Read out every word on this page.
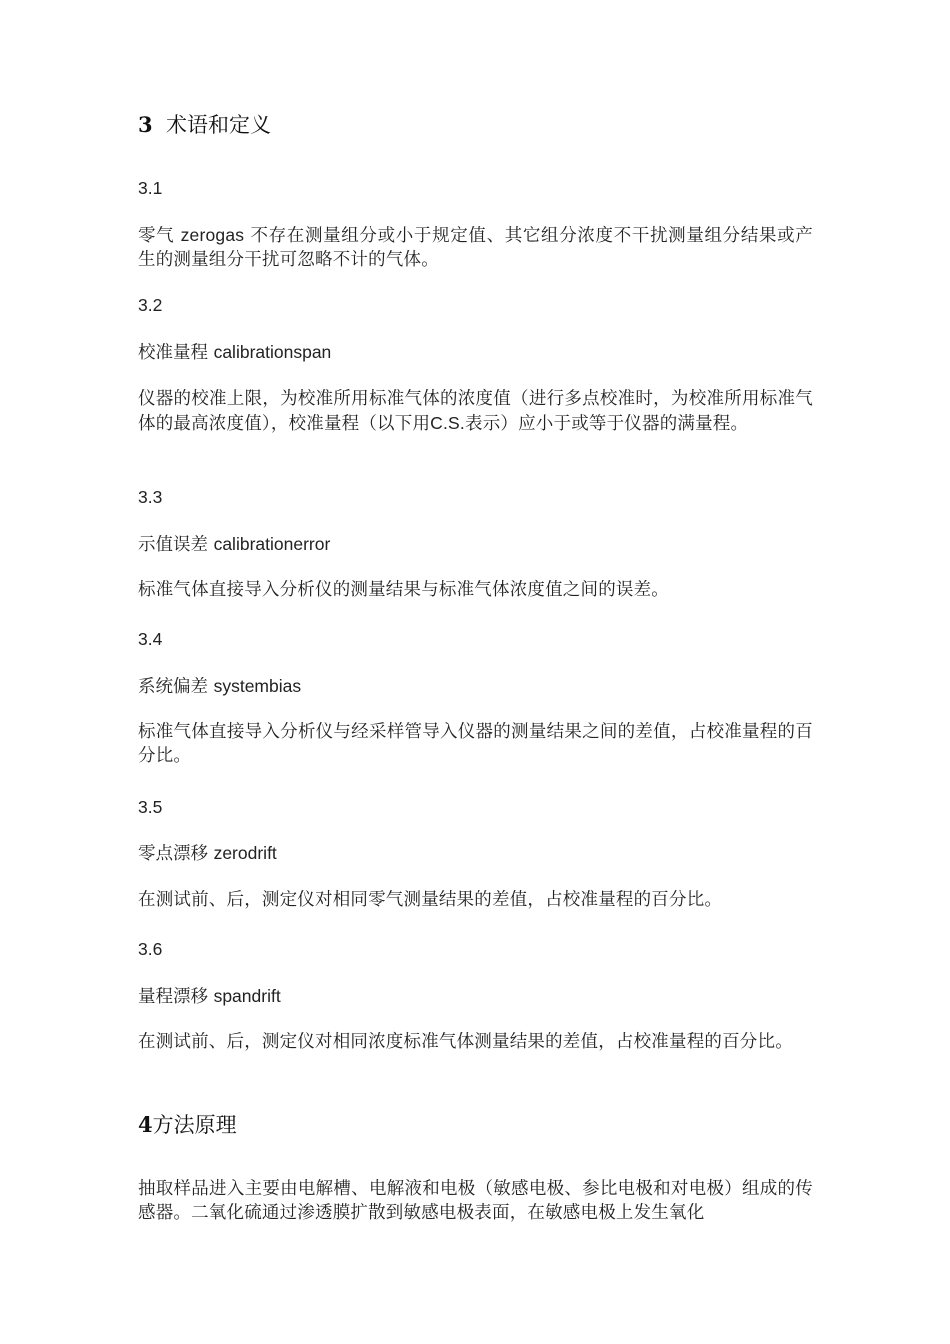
3 术语和定义
3.1
零气 zerogas 不存在测量组分或小于规定值、其它组分浓度不干扰测量组分结果或产生的测量组分干扰可忽略不计的气体。
3.2
校准量程 calibrationspan
仪器的校准上限，为校准所用标准气体的浓度值（进行多点校准时，为校准所用标准气体的最高浓度值），校准量程（以下用C.S.表示）应小于或等于仪器的满量程。
3.3
示值误差 calibrationerror
标准气体直接导入分析仪的测量结果与标准气体浓度值之间的误差。
3.4
系统偏差 systembias
标准气体直接导入分析仪与经采样管导入仪器的测量结果之间的差值，占校准量程的百分比。
3.5
零点漂移 zerodrift
在测试前、后，测定仪对相同零气测量结果的差值，占校准量程的百分比。
3.6
量程漂移 spandrift
在测试前、后，测定仪对相同浓度标准气体测量结果的差值，占校准量程的百分比。
4方法原理
抽取样品进入主要由电解槽、电解液和电极（敏感电极、参比电极和对电极）组成的传感器。二氧化硫通过渗透膜扩散到敏感电极表面，在敏感电极上发生氧化
